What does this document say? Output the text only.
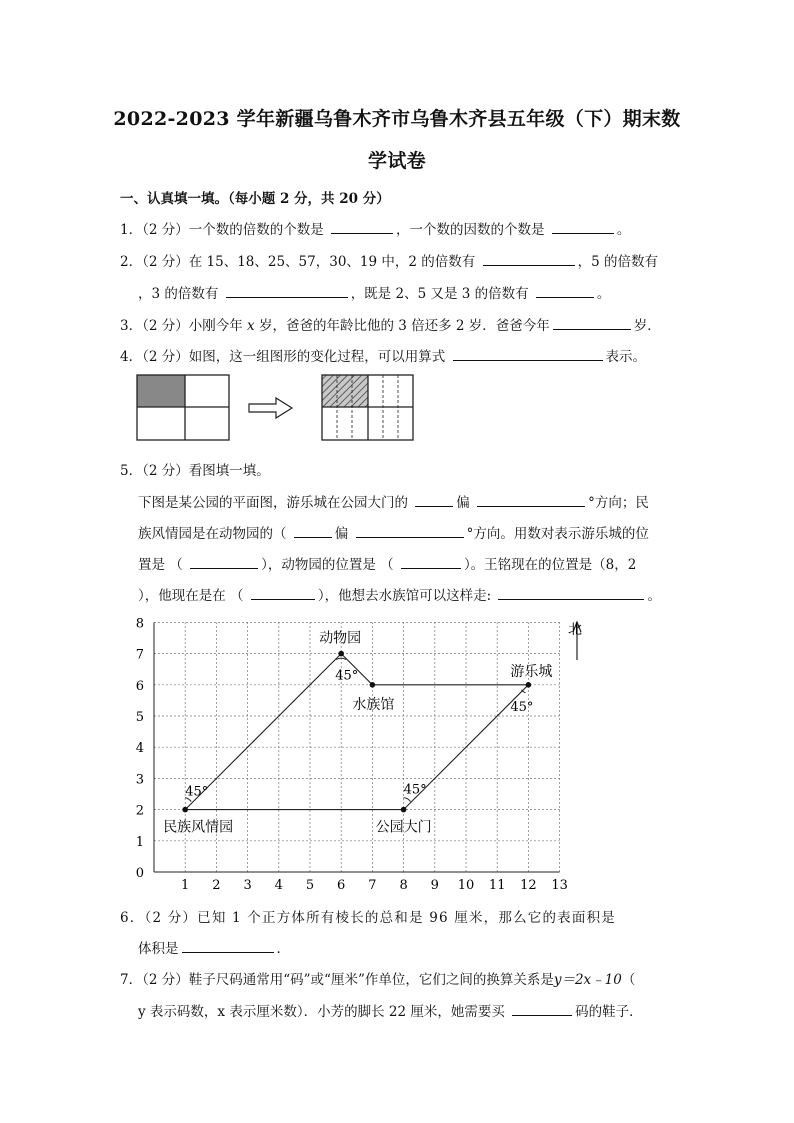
2022-2023 学年新疆乌鲁木齐市乌鲁木齐县五年级（下）期末数
学试卷
一、认真填一填。（每小题 2 分，共 20 分）
1．（2 分）一个数的倍数的个数是	，一个数的因数的个数是	。
2．（2 分）在 15、18、25、57，30、19 中，2 的倍数有	，5 的倍数有
，3 的倍数有	，既是 2、5 又是 3 的倍数有	。
3．（2 分）小刚今年 x 岁，爸爸的年龄比他的 3 倍还多 2 岁．爸爸今年	岁．
4．（2 分）如图，这一组图形的变化过程，可以用算式	表示。
5．（2 分）看图填一填。
下图是某公园的平面图，游乐城在公园大门的	偏	°方向；民
族风情园是在动物园的（	偏	°方向。用数对表示游乐城的位
置是 （	），动物园的位置是 （	）。王铭现在的位置是（8，2
），他现在是在 （	），他想去水族馆可以这样走:	。
1 2 3 4 5 6 7 8 9 10 11 12 13
0
1
2
3
4
5
6
7
8
民族风情园
动物园
水族馆
游乐城
公园大门
45°
45°
45°
45°
北
6．（2 分）已知 1 个正方体所有棱长的总和是 96 厘米，那么它的表面积是
体积是	．
7．（2 分）鞋子尺码通常用“码”或“厘米”作单位，它们之间的换算关系是y＝2x﹣10（
y 表示码数，x 表示厘米数）．小芳的脚长 22 厘米，她需要买	码的鞋子．
